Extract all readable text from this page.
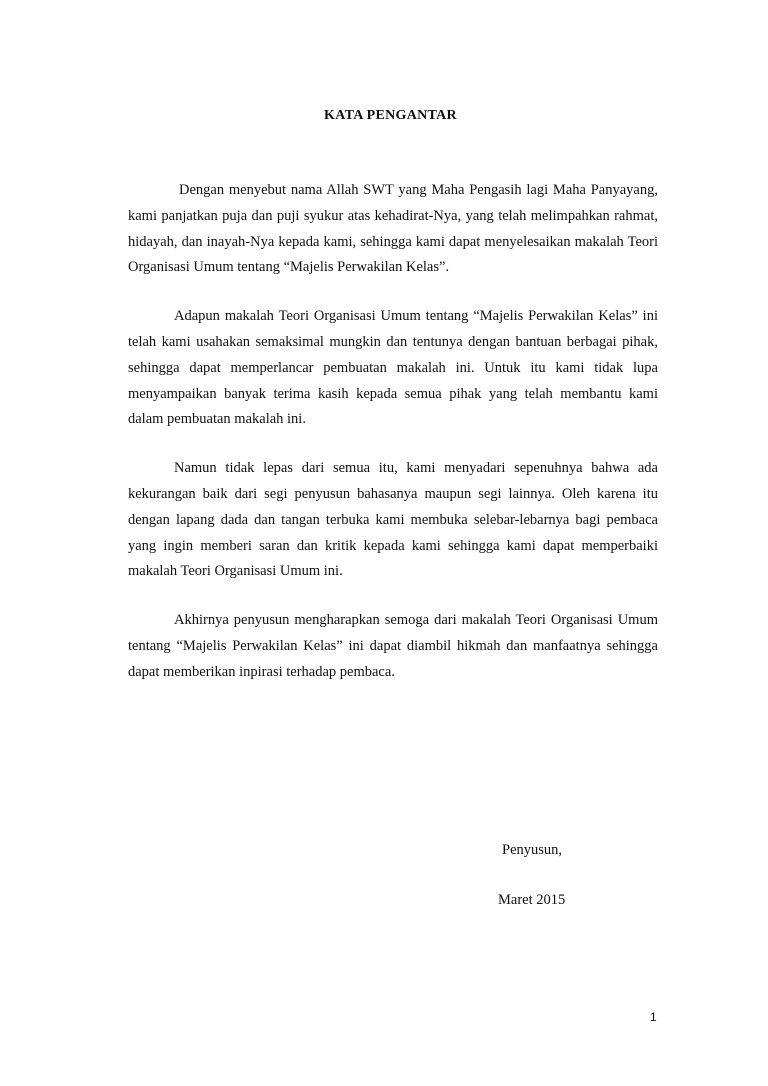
KATA PENGANTAR

Dengan menyebut nama Allah SWT yang Maha Pengasih lagi Maha Panyayang, kami panjatkan puja dan puji syukur atas kehadirat-Nya, yang telah melimpahkan rahmat, hidayah, dan inayah-Nya kepada kami, sehingga kami dapat menyelesaikan makalah Teori Organisasi Umum tentang “Majelis Perwakilan Kelas”.

Adapun makalah Teori Organisasi Umum tentang “Majelis Perwakilan Kelas” ini telah kami usahakan semaksimal mungkin dan tentunya dengan bantuan berbagai pihak, sehingga dapat memperlancar pembuatan makalah ini. Untuk itu kami tidak lupa menyampaikan banyak terima kasih kepada semua pihak yang telah membantu kami dalam pembuatan makalah ini.

Namun tidak lepas dari semua itu, kami menyadari sepenuhnya bahwa ada kekurangan baik dari segi penyusun bahasanya maupun segi lainnya. Oleh karena itu dengan lapang dada dan tangan terbuka kami membuka selebar-lebarnya bagi pembaca yang ingin memberi saran dan kritik kepada kami sehingga kami dapat memperbaiki makalah Teori Organisasi Umum ini.

Akhirnya penyusun mengharapkan semoga dari makalah Teori Organisasi Umum tentang “Majelis Perwakilan Kelas” ini dapat diambil hikmah dan manfaatnya sehingga dapat memberikan inpirasi terhadap pembaca.

Penyusun,
Maret 2015
1
